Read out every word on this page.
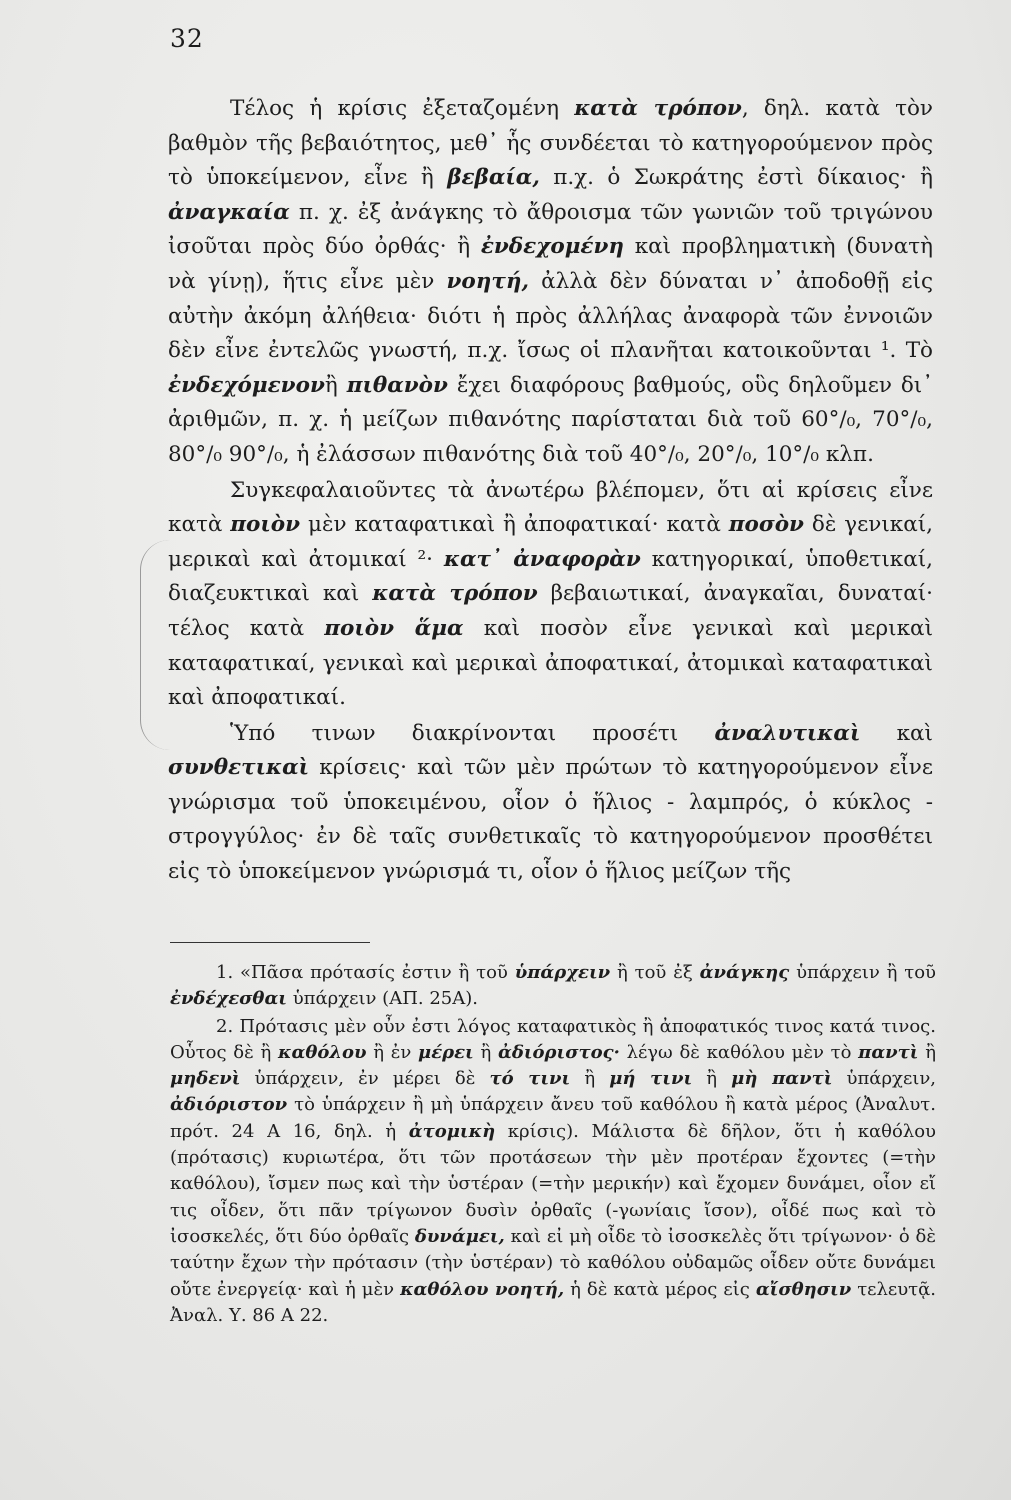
32

Τέλος ἡ κρίσις ἐξεταζομένη κατὰ τρόπον, δηλ. κατὰ τὸν βαθμὸν τῆς βεβαιότητος, μεθ᾽ ἧς συνδέεται τὸ κατηγορούμενον πρὸς τὸ ὑποκείμενον, εἶνε ἢ βεβαία, π.χ. ὁ Σωκράτης ἐστὶ δίκαιος· ἢ ἀναγκαία π. χ. ἐξ ἀνάγκης τὸ ἄθροισμα τῶν γωνιῶν τοῦ τριγώνου ἰσοῦται πρὸς δύο ὀρθάς· ἢ ἐνδεχομένη καὶ προβληματικὴ (δυνατὴ νὰ γίνῃ), ἥτις εἶνε μὲν νοητή, ἀλλὰ δὲν δύναται ν᾽ ἀποδοθῇ εἰς αὐτὴν ἀκόμη ἀλήθεια· διότι ἡ πρὸς ἀλλήλας ἀναφορὰ τῶν ἐννοιῶν δὲν εἶνε ἐντελῶς γνωστή, π.χ. ἴσως οἱ πλανῆται κατοικοῦνται ¹. Τὸ ἐνδεχόμενονἢ πιθανὸν ἔχει διαφόρους βαθμούς, οὓς δηλοῦμεν δι᾽ ἀριθμῶν, π. χ. ἡ μείζων πιθανότης παρίσταται διὰ τοῦ 60°/₀, 70°/₀, 80°/₀ 90°/₀, ἡ ἐλάσσων πιθανότης διὰ τοῦ 40°/₀, 20°/₀, 10°/₀ κλπ.

Συγκεφαλαιοῦντες τὰ ἀνωτέρω βλέπομεν, ὅτι αἱ κρίσεις εἶνε κατὰ ποιὸν μὲν καταφατικαὶ ἢ ἀποφατικαί· κατὰ ποσὸν δὲ γενικαί, μερικαὶ καὶ ἀτομικαί ²· κατ᾽ ἀναφορὰν κατηγορικαί, ὑποθετικαί, διαζευκτικαὶ καὶ κατὰ τρόπον βεβαιωτικαί, ἀναγκαῖαι, δυναταί· τέλος κατὰ ποιὸν ἅμα καὶ ποσὸν εἶνε γενικαὶ καὶ μερικαὶ καταφατικαί, γενικαὶ καὶ μερικαὶ ἀποφατικαί, ἀτομικαὶ καταφατικαὶ καὶ ἀποφατικαί.

Ὑπό τινων διακρίνονται προσέτι ἀναλυτικαὶ καὶ συνθετικαὶ κρίσεις· καὶ τῶν μὲν πρώτων τὸ κατηγορούμενον εἶνε γνώρισμα τοῦ ὑποκειμένου, οἷον ὁ ἥλιος - λαμπρός, ὁ κύκλος - στρογγύλος· ἐν δὲ ταῖς συνθετικαῖς τὸ κατηγορούμενον προσθέτει εἰς τὸ ὑποκείμενον γνώρισμά τι, οἷον ὁ ἥλιος μείζων τῆς

1. «Πᾶσα πρότασίς ἐστιν ἢ τοῦ ὑπάρχειν ἢ τοῦ ἐξ ἀνάγκης ὑπάρχειν ἢ τοῦ ἐνδέχεσθαι ὑπάρχειν (ΑΠ. 25Α).

2. Πρότασις μὲν οὖν ἐστι λόγος καταφατικὸς ἢ ἀποφατικός τινος κατά τινος. Οὗτος δὲ ἢ καθόλου ἢ ἐν μέρει ἢ ἀδιόριστος· λέγω δὲ καθόλου μὲν τὸ παντὶ ἢ μηδενὶ ὑπάρχειν, ἐν μέρει δὲ τό τινι ἢ μή τινι ἢ μὴ παντὶ ὑπάρχειν, ἀδιόριστον τὸ ὑπάρχειν ἢ μὴ ὑπάρχειν ἄνευ τοῦ καθόλου ἢ κατὰ μέρος (Ἀναλυτ. πρότ. 24 Α 16, δηλ. ἡ ἀτομικὴ κρίσις). Μάλιστα δὲ δῆλον, ὅτι ἡ καθόλου (πρότασις) κυριωτέρα, ὅτι τῶν προτάσεων τὴν μὲν προτέραν ἔχοντες (=τὴν καθόλου), ἴσμεν πως καὶ τὴν ὑστέραν (=τὴν μερικήν) καὶ ἔχομεν δυνάμει, οἷον εἴ τις οἶδεν, ὅτι πᾶν τρίγωνον δυσὶν ὀρθαῖς (-γωνίαις ἴσον), οἶδέ πως καὶ τὸ ἰσοσκελές, ὅτι δύο ὀρθαῖς δυνάμει, καὶ εἰ μὴ οἶδε τὸ ἰσοσκελὲς ὅτι τρίγωνον· ὁ δὲ ταύτην ἔχων τὴν πρότασιν (τὴν ὑστέραν) τὸ καθόλου οὐδαμῶς οἶδεν οὔτε δυνάμει οὔτε ἐνεργείᾳ· καὶ ἡ μὲν καθόλου νοητή, ἡ δὲ κατὰ μέρος εἰς αἴσθησιν τελευτᾷ. Ἀναλ. Υ. 86 Α 22.
